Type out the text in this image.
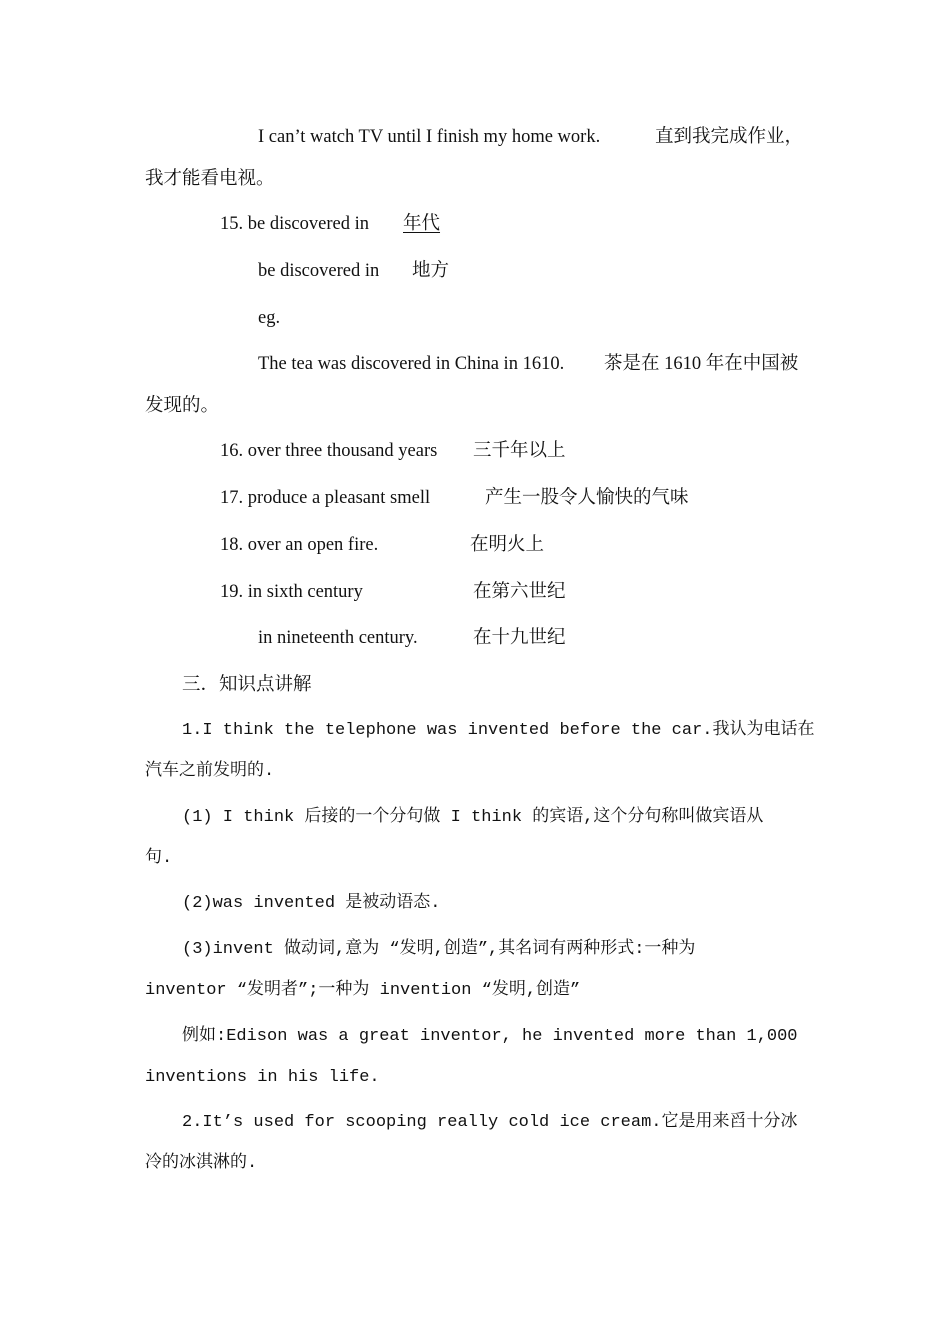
I can’t watch TV until I finish my home work.	直到我完成作业，
我才能看电视。
15. be discovered in 年代
be discovered in 地方
eg.
The tea was discovered in China in 1610. 茶是在 1610 年在中国被
发现的。
16. over three thousand years 三千年以上
17. produce a pleasant smell	产生一股令人愉快的气味
18. over an open fire.	在明火上
19. in sixth century	在第六世纪
in nineteenth century.	在十九世纪
三．知识点讲解
1.I think the telephone was invented before the car.我认为电话在
汽车之前发明的.
(1) I think 后接的一个分句做 I think 的宾语,这个分句称叫做宾语从
句.
(2)was invented 是被动语态.
(3)invent 做动词,意为 “发明,创造”,其名词有两种形式:一种为
inventor “发明者”;一种为 invention “发明,创造”
例如:Edison was a great inventor, he invented more than 1,000
inventions in his life.
2.It’s used for scooping really cold ice cream.它是用来舀十分冰
冷的冰淇淋的.
